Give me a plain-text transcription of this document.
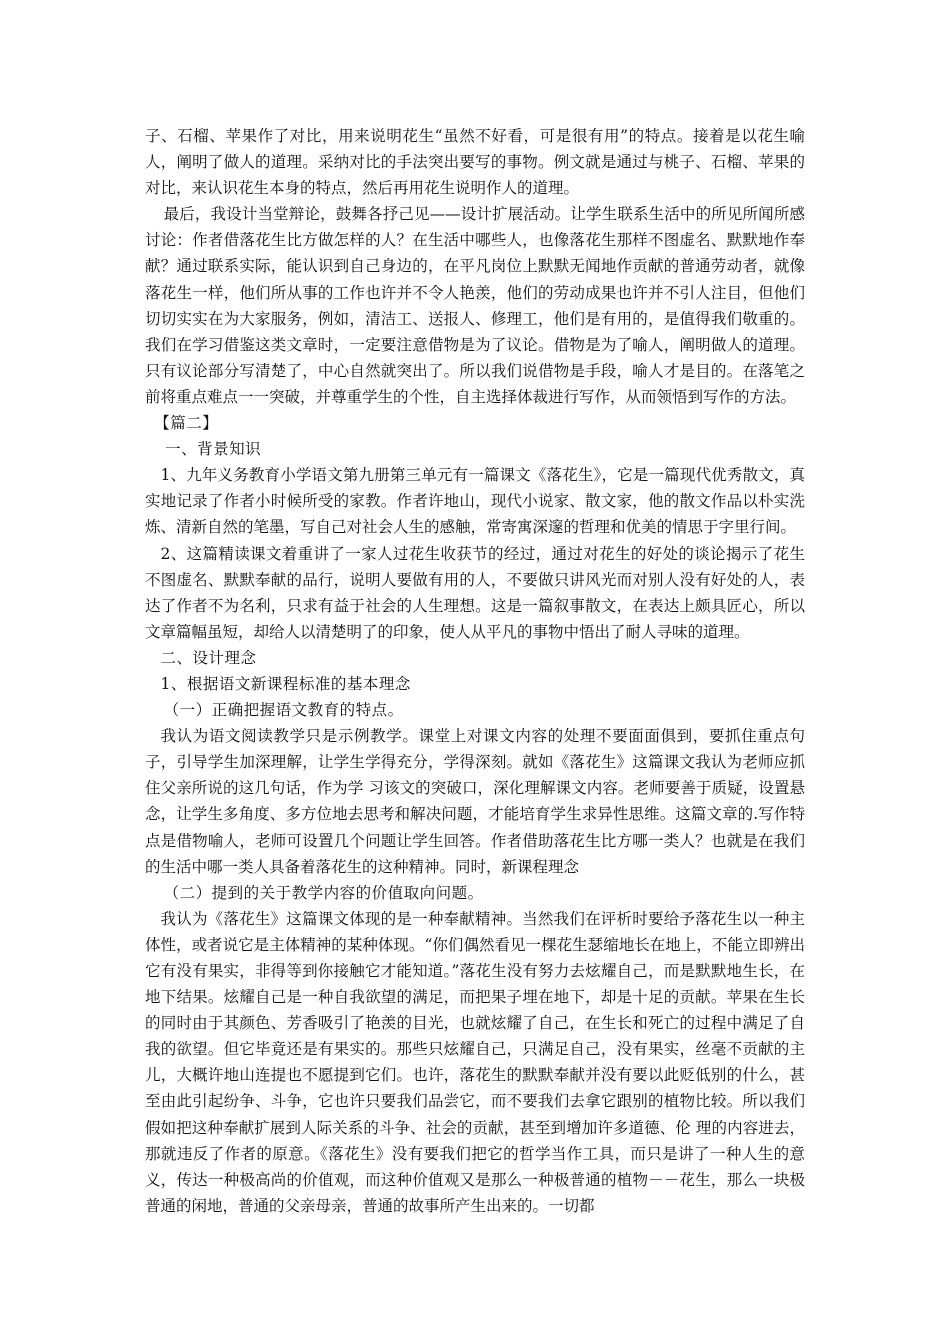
子、石榴、苹果作了对比，用来说明花生“虽然不好看，可是很有用”的特点。接着是以花生喻人，阐明了做人的道理。采纳对比的手法突出要写的事物。例文就是通过与桃子、石榴、苹果的对比，来认识花生本身的特点，然后再用花生说明作人的道理。

最后，我设计当堂辩论，鼓舞各抒己见——设计扩展活动。让学生联系生活中的所见所闻所感讨论：作者借落花生比方做怎样的人？在生活中哪些人，也像落花生那样不图虚名、默默地作奉献？通过联系实际，能认识到自己身边的，在平凡岗位上默默无闻地作贡献的普通劳动者，就像落花生一样，他们所从事的工作也许并不令人艳羡，他们的劳动成果也许并不引人注目，但他们切切实实在为大家服务，例如，清洁工、送报人、修理工，他们是有用的，是值得我们敬重的。我们在学习借鉴这类文章时，一定要注意借物是为了议论。借物是为了喻人，阐明做人的道理。只有议论部分写清楚了，中心自然就突出了。所以我们说借物是手段，喻人才是目的。在落笔之前将重点难点一一突破，并尊重学生的个性，自主选择体裁进行写作，从而领悟到写作的方法。

【篇二】

一、背景知识

1、九年义务教育小学语文第九册第三单元有一篇课文《落花生》，它是一篇现代优秀散文，真实地记录了作者小时候所受的家教。作者许地山，现代小说家、散文家，他的散文作品以朴实洗炼、清新自然的笔墨，写自己对社会人生的感触，常寄寓深邃的哲理和优美的情思于字里行间。

2、这篇精读课文着重讲了一家人过花生收获节的经过，通过对花生的好处的谈论揭示了花生不图虚名、默默奉献的品行，说明人要做有用的人，不要做只讲风光而对别人没有好处的人，表达了作者不为名利，只求有益于社会的人生理想。这是一篇叙事散文，在表达上颇具匠心，所以文章篇幅虽短，却给人以清楚明了的印象，使人从平凡的事物中悟出了耐人寻味的道理。

二、设计理念

1、根据语文新课程标准的基本理念

（一）正确把握语文教育的特点。

我认为语文阅读教学只是示例教学。课堂上对课文内容的处理不要面面俱到，要抓住重点句子，引导学生加深理解，让学生学得充分，学得深刻。就如《落花生》这篇课文我认为老师应抓住父亲所说的这几句话，作为学 习该文的突破口，深化理解课文内容。老师要善于质疑，设置悬念，让学生多角度、多方位地去思考和解决问题，才能培育学生求异性思维。这篇文章的.写作特点是借物喻人，老师可设置几个问题让学生回答。作者借助落花生比方哪一类人？也就是在我们的生活中哪一类人具备着落花生的这种精神。同时，新课程理念

（二）提到的关于教学内容的价值取向问题。

我认为《落花生》这篇课文体现的是一种奉献精神。当然我们在评析时要给予落花生以一种主体性，或者说它是主体精神的某种体现。“你们偶然看见一棵花生瑟缩地长在地上，不能立即辨出它有没有果实，非得等到你接触它才能知道。”落花生没有努力去炫耀自己，而是默默地生长，在地下结果。炫耀自己是一种自我欲望的满足，而把果子埋在地下，却是十足的贡献。苹果在生长的同时由于其颜色、芳香吸引了艳羡的目光，也就炫耀了自己，在生长和死亡的过程中满足了自我的欲望。但它毕竟还是有果实的。那些只炫耀自己，只满足自己，没有果实，丝毫不贡献的主儿，大概许地山连提也不愿提到它们。也许，落花生的默默奉献并没有要以此贬低别的什么，甚至由此引起纷争、斗争，它也许只要我们品尝它，而不要我们去拿它跟别的植物比较。所以我们假如把这种奉献扩展到人际关系的斗争、社会的贡献，甚至到增加许多道德、伦 理的内容进去，那就违反了作者的原意。《落花生》没有要我们把它的哲学当作工具，而只是讲了一种人生的意义，传达一种极高尚的价值观，而这种价值观又是那么一种极普通的植物－－花生，那么一块极普通的闲地，普通的父亲母亲，普通的故事所产生出来的。一切都
